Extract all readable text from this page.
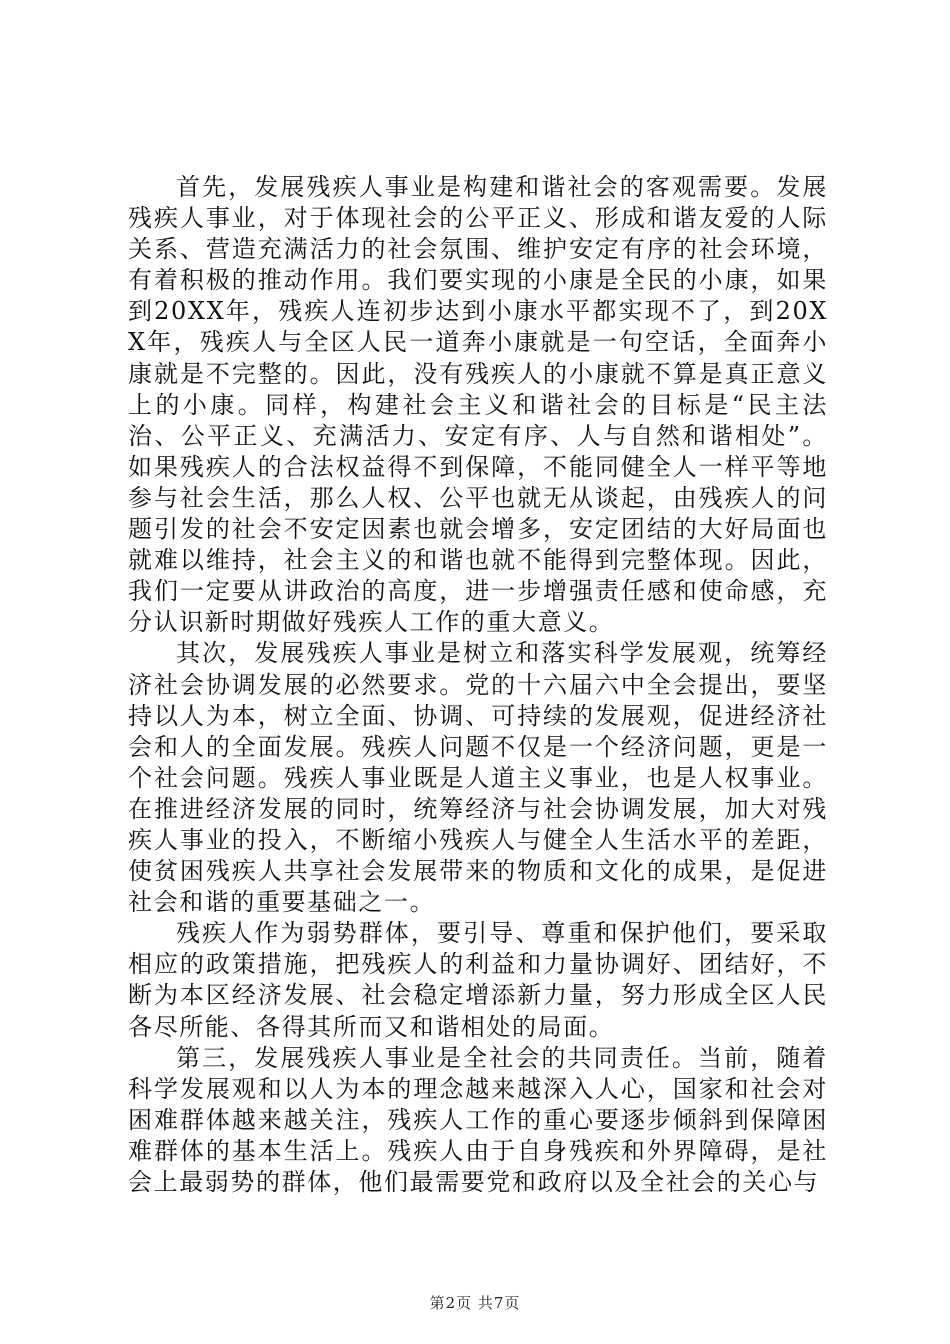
首先，发展残疾人事业是构建和谐社会的客观需要。发展残疾人事业，对于体现社会的公平正义、形成和谐友爱的人际关系、营造充满活力的社会氛围、维护安定有序的社会环境，有着积极的推动作用。我们要实现的小康是全民的小康，如果到20XX年，残疾人连初步达到小康水平都实现不了，到20XX年，残疾人与全区人民一道奔小康就是一句空话，全面奔小康就是不完整的。因此，没有残疾人的小康就不算是真正意义上的小康。同样，构建社会主义和谐社会的目标是“民主法治、公平正义、充满活力、安定有序、人与自然和谐相处”。如果残疾人的合法权益得不到保障，不能同健全人一样平等地参与社会生活，那么人权、公平也就无从谈起，由残疾人的问题引发的社会不安定因素也就会增多，安定团结的大好局面也就难以维持，社会主义的和谐也就不能得到完整体现。因此，我们一定要从讲政治的高度，进一步增强责任感和使命感，充分认识新时期做好残疾人工作的重大意义。

其次，发展残疾人事业是树立和落实科学发展观，统筹经济社会协调发展的必然要求。党的十六届六中全会提出，要坚持以人为本，树立全面、协调、可持续的发展观，促进经济社会和人的全面发展。残疾人问题不仅是一个经济问题，更是一个社会问题。残疾人事业既是人道主义事业，也是人权事业。在推进经济发展的同时，统筹经济与社会协调发展，加大对残疾人事业的投入，不断缩小残疾人与健全人生活水平的差距，使贫困残疾人共享社会发展带来的物质和文化的成果，是促进社会和谐的重要基础之一。

残疾人作为弱势群体，要引导、尊重和保护他们，要采取相应的政策措施，把残疾人的利益和力量协调好、团结好，不断为本区经济发展、社会稳定增添新力量，努力形成全区人民各尽所能、各得其所而又和谐相处的局面。

第三，发展残疾人事业是全社会的共同责任。当前，随着科学发展观和以人为本的理念越来越深入人心，国家和社会对困难群体越来越关注，残疾人工作的重心要逐步倾斜到保障困难群体的基本生活上。残疾人由于自身残疾和外界障碍，是社会上最弱势的群体，他们最需要党和政府以及全社会的关心与

第2页 共7页
